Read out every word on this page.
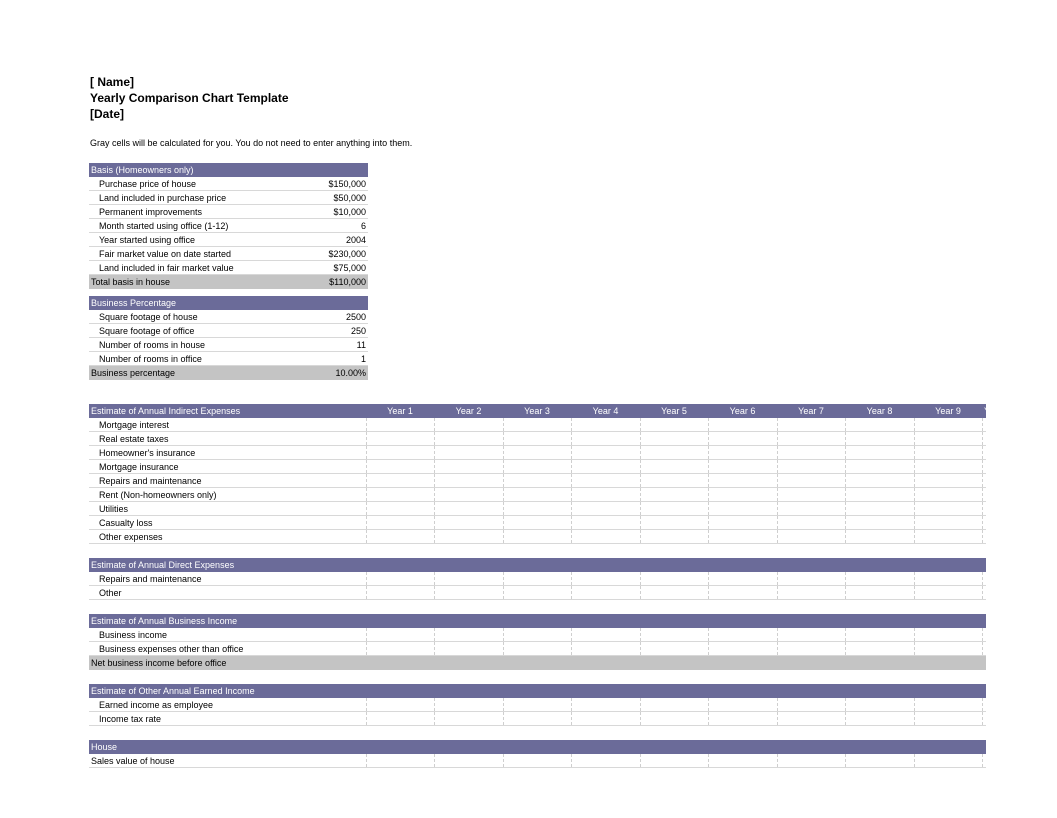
[ Name]
Yearly Comparison Chart Template
[Date]
Gray cells will be calculated for you. You do not need to enter anything into them.
Basis (Homeowners only)	
Purchase price of house	$150,000
Land included in purchase price	$50,000
Permanent improvements	$10,000
Month started using office (1-12)	6
Year started using office	2004
Fair market value on date started	$230,000
Land included in fair market value	$75,000
Total basis in house	$110,000
Business Percentage	
Square footage of house	2500
Square footage of office	250
Number of rooms in house	11
Number of rooms in office	1
Business percentage	10.00%
Estimate of Annual Indirect Expenses	Year 1	Year 2	Year 3	Year 4	Year 5	Year 6	Year 7	Year 8	Year 9	Year 10
Mortgage interest										
Real estate taxes										
Homeowner's insurance										
Mortgage insurance										
Repairs and maintenance										
Rent (Non-homeowners only)										
Utilities										
Casualty loss										
Other expenses										

Estimate of Annual Direct Expenses										
Repairs and maintenance										
Other										

Estimate of Annual Business Income										
Business income										
Business expenses other than office										
Net business income before office										

Estimate of Other Annual Earned Income										
Earned income as employee										
Income tax rate										

House										
Sales value of house										
